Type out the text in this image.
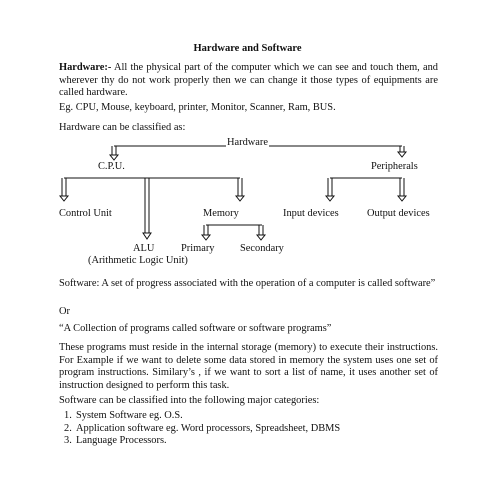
Hardware and Software

Hardware:- All the physical part of the computer which we can see and touch them, and wherever thy do not work properly then we can change it those types of equipments are called hardware.

Eg. CPU, Mouse, keyboard, printer, Monitor, Scanner, Ram, BUS.

Hardware can be classified as:

Hardware
C.P.U.	Peripherals
Control Unit	Memory	Input devices	Output devices
ALU
(Arithmetic Logic Unit)
Primary Secondary

Software: A set of progress associated with the operation of a computer is called software”

Or

“A Collection of programs called software or software programs”

These programs must reside in the internal storage (memory) to execute their instructions. For Example if we want to delete some data stored in memory the system uses one set of program instructions. Similary’s , if we want to sort a list of name, it uses another set of instruction designed to perform this task.

Software can be classified into the following major categories:

1. System Software eg. O.S.
2. Application software eg. Word processors, Spreadsheet, DBMS
3. Language Processors.
